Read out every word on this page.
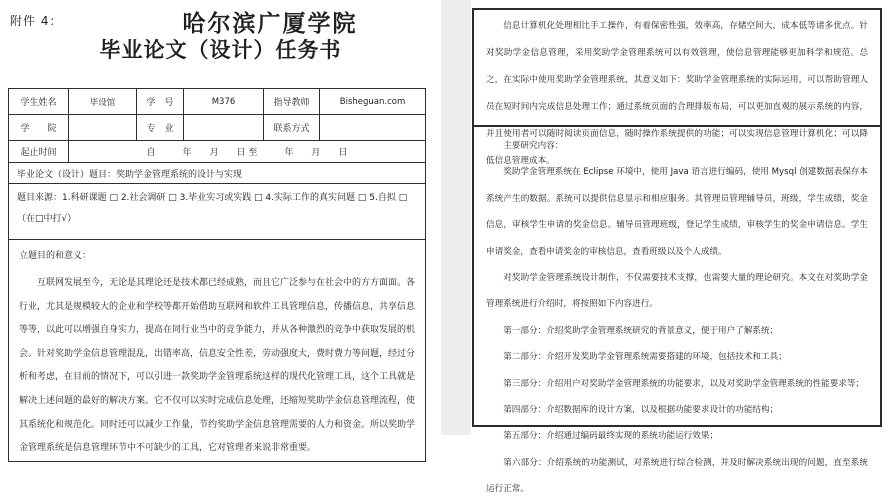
附件 4：	哈尔滨广厦学院
毕业论文（设计）任务书
学生姓名	毕设馆	学　号	M376	指导教师	Bisheguan.com
学　　院		专　业		联系方式	
起止时间	自　　　年　　月　　日 至　　　年　　月　　日				
毕业论文（设计）题目：奖助学金管理系统的设计与实现					
题目来源：1.科研课题 □ 2.社会调研 □ 3.毕业实习或实践 □ 4.实际工作的真实问题 □ 5.自拟 □ （在□中打√）					

立题目的和意义：

互联网发展至今，无论是其理论还是技术都已经成熟，而且它广泛参与在社会中的方方面面。各行业，尤其是规模较大的企业和学校等都开始借助互联网和软件工具管理信息，传播信息，共享信息等等，以此可以增强自身实力，提高在同行业当中的竞争能力，并从各种激烈的竞争中获取发展的机会。针对奖助学金信息管理混乱，出错率高，信息安全性差，劳动强度大，费时费力等问题，经过分析和考虑，在目前的情况下，可以引进一款奖助学金管理系统这样的现代化管理工具，这个工具就是解决上述问题的最好的解决方案。它不仅可以实时完成信息处理，还缩短奖助学金信息管理流程，使其系统化和规范化。同时还可以减少工作量，节约奖助学金信息管理需要的人力和资金。所以奖助学金管理系统是信息管理环节中不可缺少的工具，它对管理者来说非常重要。					

信息计算机化处理相比手工操作，有着保密性强，效率高，存储空间大，成本低等诸多优点。针对奖助学金信息管理，采用奖助学金管理系统可以有效管理，使信息管理能够更加科学和规范。总之，在实际中使用奖助学金管理系统，其意义如下：奖助学金管理系统的实际运用，可以帮助管理人员在短时间内完成信息处理工作；通过系统页面的合理排版布局，可以更加直观的展示系统的内容，并且使用者可以随时阅读页面信息，随时操作系统提供的功能；可以实现信息管理计算机化；可以降低信息管理成本。

主要研究内容：

奖助学金管理系统在 Eclipse 环境中，使用 Java 语言进行编码，使用 Mysql 创建数据表保存本系统产生的数据。系统可以提供信息显示和相应服务。其管理员管理辅导员，班级，学生成绩，奖金信息，审核学生申请的奖金信息。辅导员管理班级，登记学生成绩，审核学生的奖金申请信息。学生申请奖金，查看申请奖金的审核信息，查看班级以及个人成绩。

对奖助学金管理系统设计制作，不仅需要技术支撑，也需要大量的理论研究。本文在对奖助学金管理系统进行介绍时，将按照如下内容进行。

第一部分：介绍奖助学金管理系统研究的背景意义，便于用户了解系统；

第二部分：介绍开发奖助学金管理系统需要搭建的环境，包括技术和工具；

第三部分：介绍用户对奖助学金管理系统的功能要求，以及对奖助学金管理系统的性能要求等；

第四部分：介绍数据库的设计方案，以及根据功能要求设计的功能结构；

第五部分：介绍通过编码最终实现的系统功能运行效果；

第六部分：介绍系统的功能测试，对系统进行综合检测，并及时解决系统出现的问题，直至系统运行正常。
